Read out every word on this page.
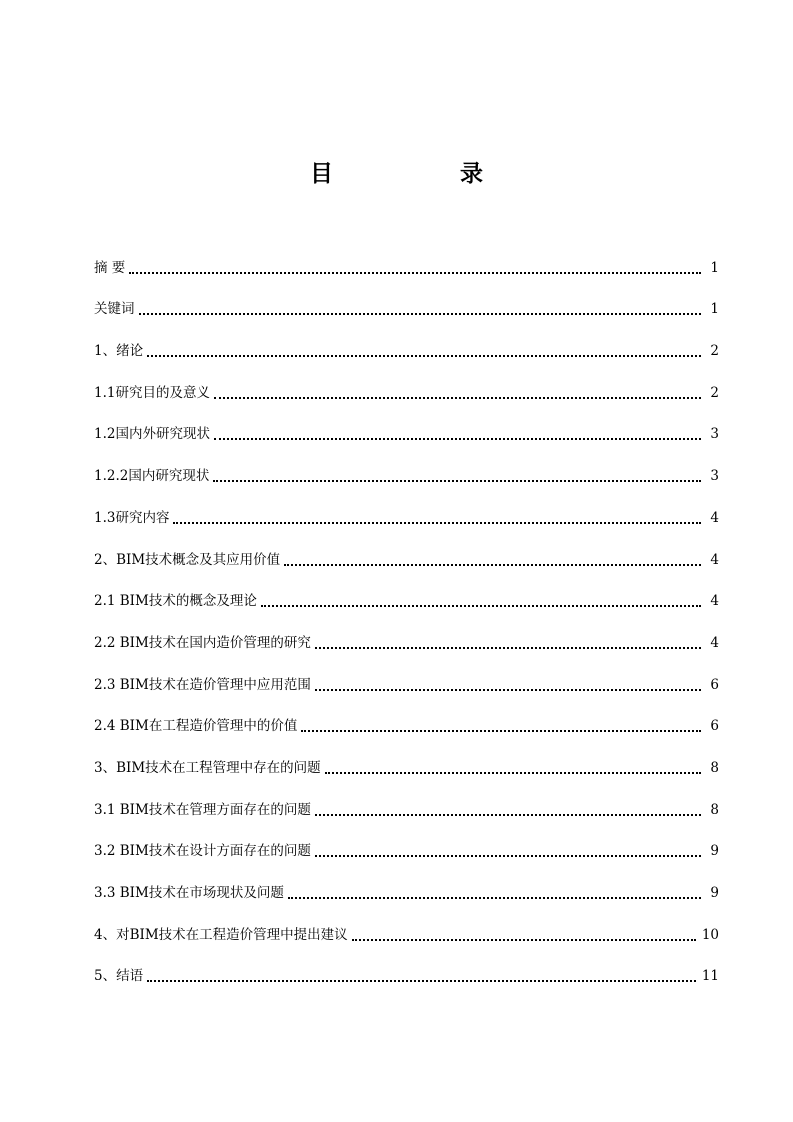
目　录
摘 要	1
关键词	1
1、绪论	2
1.1研究目的及意义	2
1.2国内外研究现状	3
1.2.2国内研究现状	3
1.3研究内容	4
2、BIM技术概念及其应用价值	4
2.1 BIM技术的概念及理论	4
2.2 BIM技术在国内造价管理的研究	4
2.3 BIM技术在造价管理中应用范围	6
2.4 BIM在工程造价管理中的价值	6
3、BIM技术在工程管理中存在的问题	8
3.1 BIM技术在管理方面存在的问题	8
3.2 BIM技术在设计方面存在的问题	9
3.3 BIM技术在市场现状及问题	9
4、对BIM技术在工程造价管理中提出建议	10
5、结语	11
